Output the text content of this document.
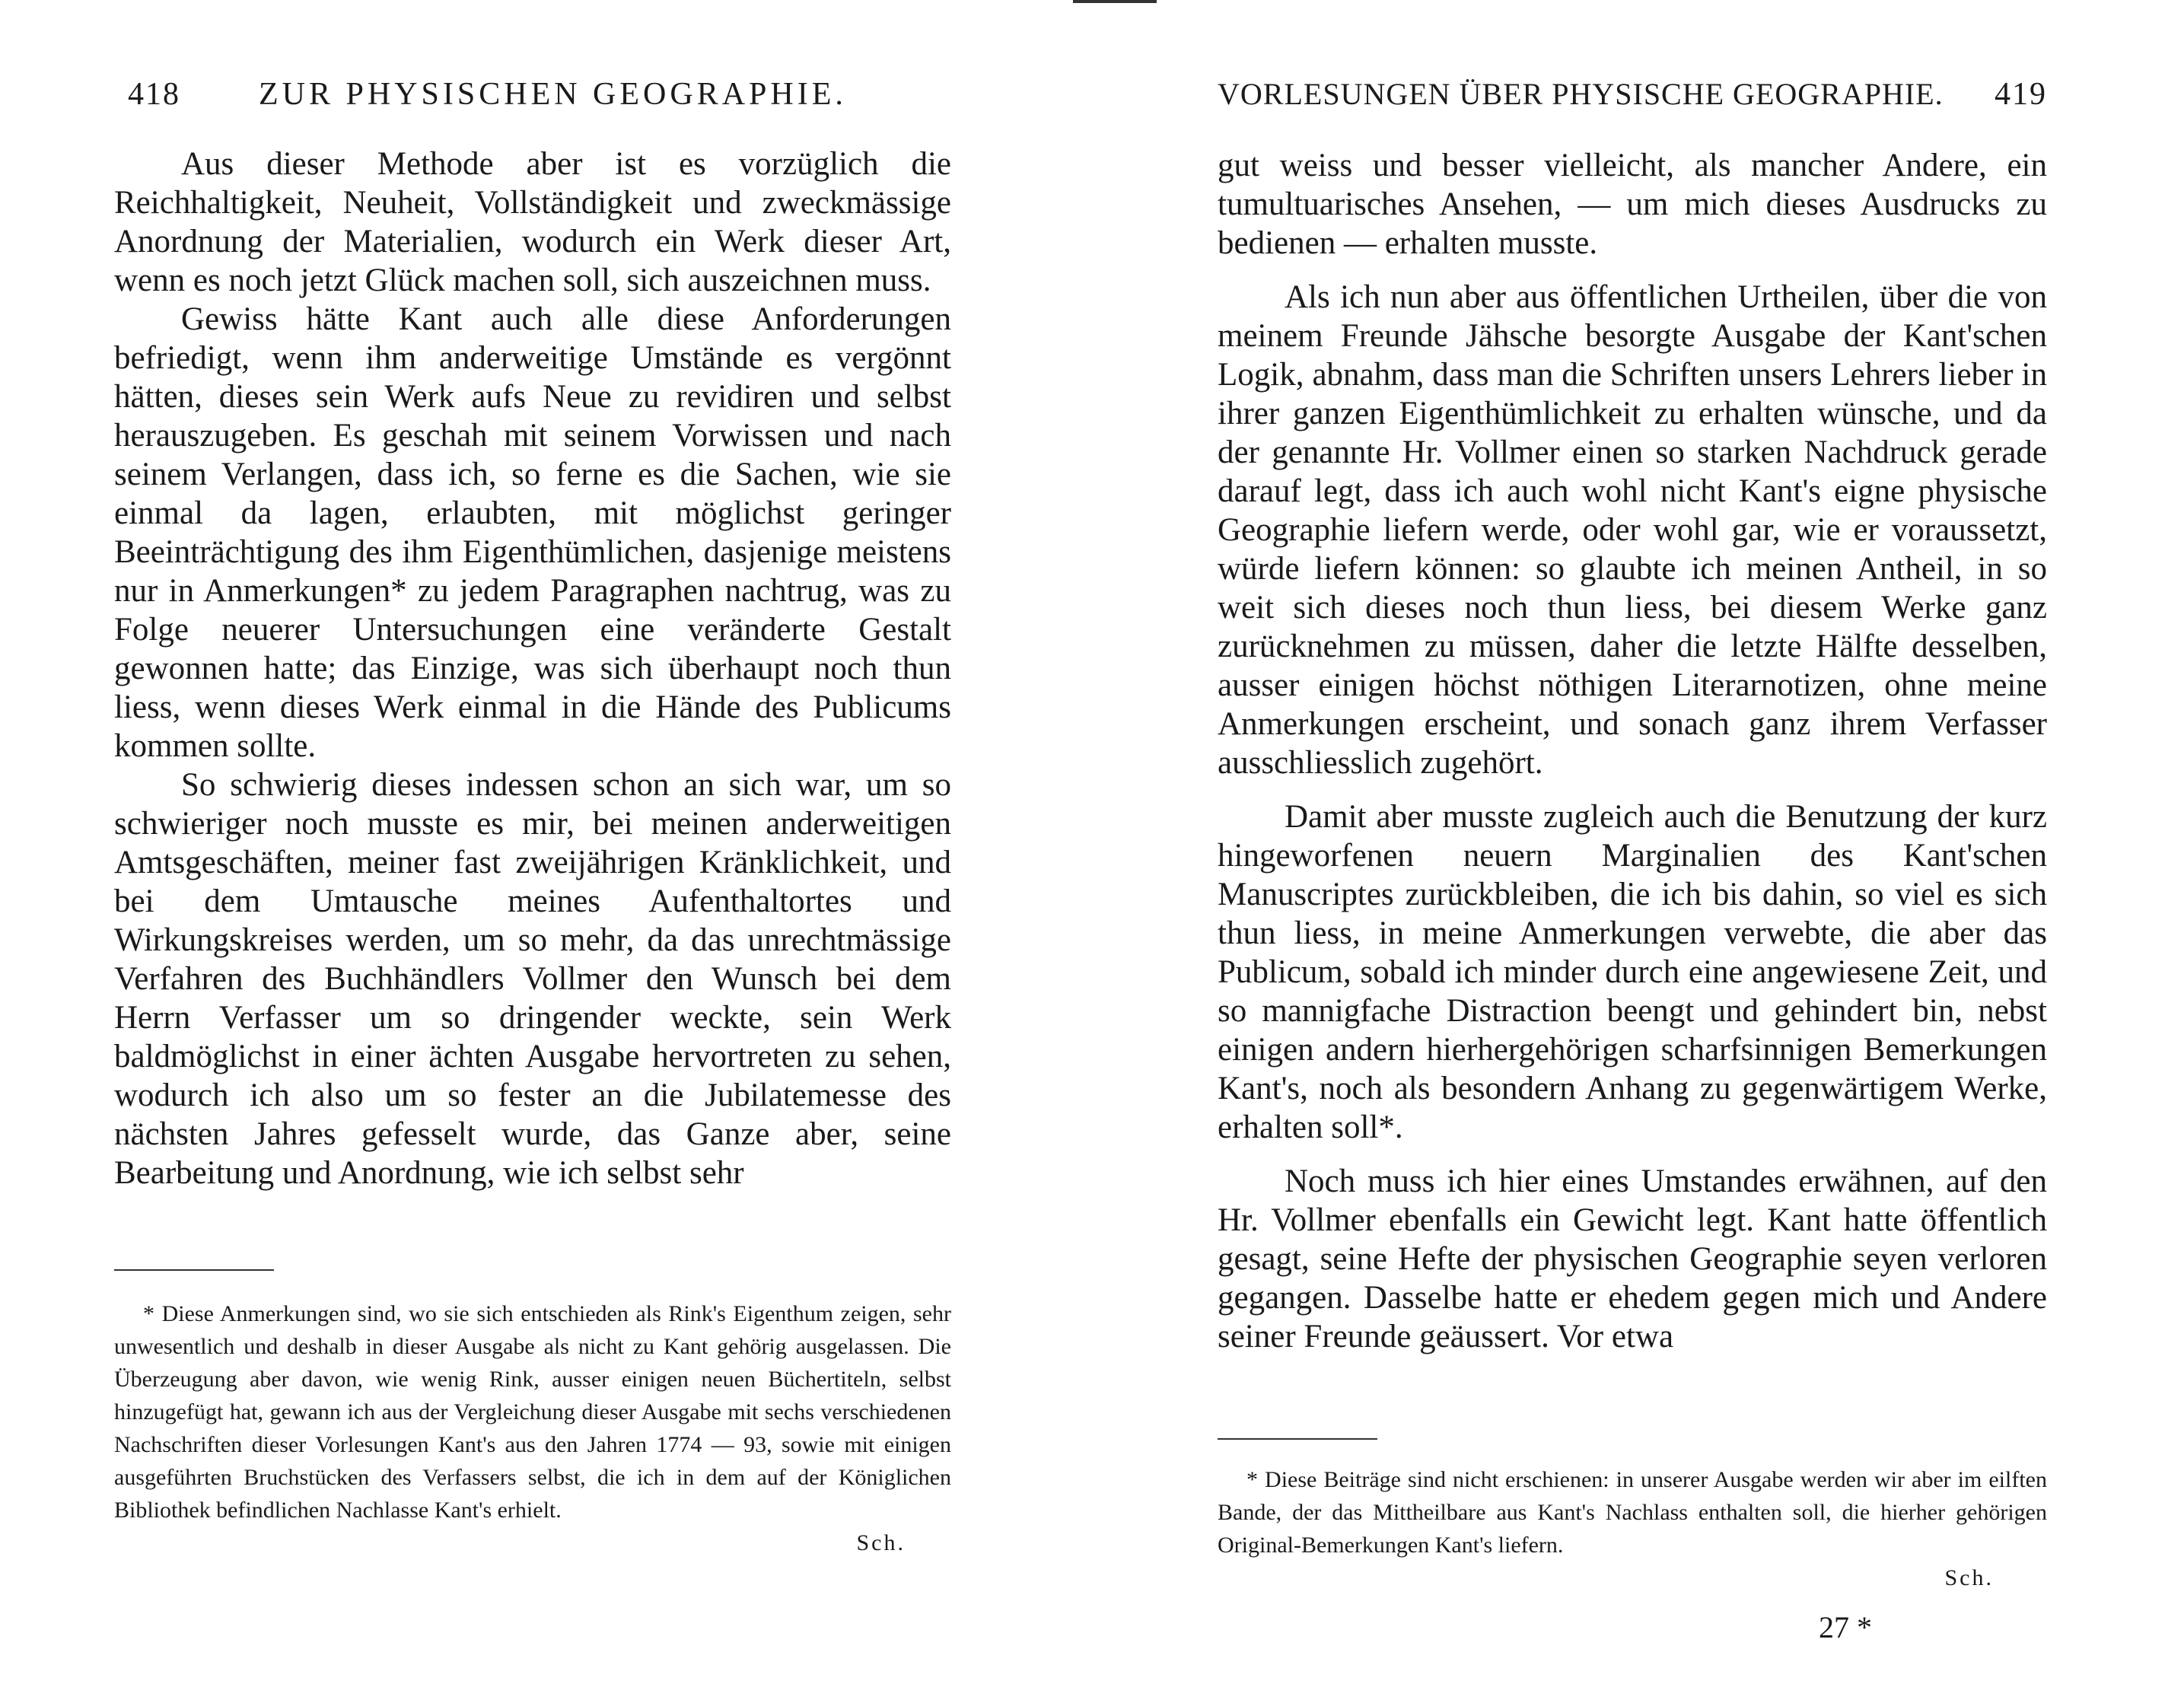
418 ZUR PHYSISCHEN GEOGRAPHIE.

Aus dieser Methode aber ist es vorzüglich die Reichhaltigkeit, Neuheit, Vollständigkeit und zweckmässige Anordnung der Materialien, wodurch ein Werk dieser Art, wenn es noch jetzt Glück machen soll, sich auszeichnen muss.

Gewiss hätte Kant auch alle diese Anforderungen befriedigt, wenn ihm anderweitige Umstände es vergönnt hätten, dieses sein Werk aufs Neue zu revidiren und selbst herauszugeben. Es geschah mit seinem Vorwissen und nach seinem Verlangen, dass ich, so ferne es die Sachen, wie sie einmal da lagen, erlaubten, mit möglichst geringer Beeinträchtigung des ihm Eigenthümlichen, dasjenige meistens nur in Anmerkungen* zu jedem Paragraphen nachtrug, was zu Folge neuerer Untersuchungen eine veränderte Gestalt gewonnen hatte; das Einzige, was sich überhaupt noch thun liess, wenn dieses Werk einmal in die Hände des Publicums kommen sollte.

So schwierig dieses indessen schon an sich war, um so schwieriger noch musste es mir, bei meinen anderweitigen Amtsgeschäften, meiner fast zweijährigen Kränklichkeit, und bei dem Umtausche meines Aufenthaltortes und Wirkungskreises werden, um so mehr, da das unrechtmässige Verfahren des Buchhändlers Vollmer den Wunsch bei dem Herrn Verfasser um so dringender weckte, sein Werk baldmöglichst in einer ächten Ausgabe hervortreten zu sehen, wodurch ich also um so fester an die Jubilatemesse des nächsten Jahres gefesselt wurde, das Ganze aber, seine Bearbeitung und Anordnung, wie ich selbst sehr

* Diese Anmerkungen sind, wo sie sich entschieden als Rink's Eigenthum zeigen, sehr unwesentlich und deshalb in dieser Ausgabe als nicht zu Kant gehörig ausgelassen. Die Überzeugung aber davon, wie wenig Rink, ausser einigen neuen Büchertiteln, selbst hinzugefügt hat, gewann ich aus der Vergleichung dieser Ausgabe mit sechs verschiedenen Nachschriften dieser Vorlesungen Kant's aus den Jahren 1774 — 93, sowie mit einigen ausgeführten Bruchstücken des Verfassers selbst, die ich in dem auf der Königlichen Bibliothek befindlichen Nachlasse Kant's erhielt.

Sch.
VORLESUNGEN ÜBER PHYSISCHE GEOGRAPHIE. 419

gut weiss und besser vielleicht, als mancher Andere, ein tumultuarisches Ansehen, — um mich dieses Ausdrucks zu bedienen — erhalten musste.

Als ich nun aber aus öffentlichen Urtheilen, über die von meinem Freunde Jähsche besorgte Ausgabe der Kant'schen Logik, abnahm, dass man die Schriften unsers Lehrers lieber in ihrer ganzen Eigenthümlichkeit zu erhalten wünsche, und da der genannte Hr. Vollmer einen so starken Nachdruck gerade darauf legt, dass ich auch wohl nicht Kant's eigne physische Geographie liefern werde, oder wohl gar, wie er voraussetzt, würde liefern können: so glaubte ich meinen Antheil, in so weit sich dieses noch thun liess, bei diesem Werke ganz zurücknehmen zu müssen, daher die letzte Hälfte desselben, ausser einigen höchst nöthigen Literarnotizen, ohne meine Anmerkungen erscheint, und sonach ganz ihrem Verfasser ausschliesslich zugehört.

Damit aber musste zugleich auch die Benutzung der kurz hingeworfenen neuern Marginalien des Kant'schen Manuscriptes zurückbleiben, die ich bis dahin, so viel es sich thun liess, in meine Anmerkungen verwebte, die aber das Publicum, sobald ich minder durch eine angewiesene Zeit, und so mannigfache Distraction beengt und gehindert bin, nebst einigen andern hierhergehörigen scharfsinnigen Bemerkungen Kant's, noch als besondern Anhang zu gegenwärtigem Werke, erhalten soll*.

Noch muss ich hier eines Umstandes erwähnen, auf den Hr. Vollmer ebenfalls ein Gewicht legt. Kant hatte öffentlich gesagt, seine Hefte der physischen Geographie seyen verloren gegangen. Dasselbe hatte er ehedem gegen mich und Andere seiner Freunde geäussert. Vor etwa

* Diese Beiträge sind nicht erschienen: in unserer Ausgabe werden wir aber im eilften Bande, der das Mittheilbare aus Kant's Nachlass enthalten soll, die hierher gehörigen Original-Bemerkungen Kant's liefern.

Sch.
27 *
